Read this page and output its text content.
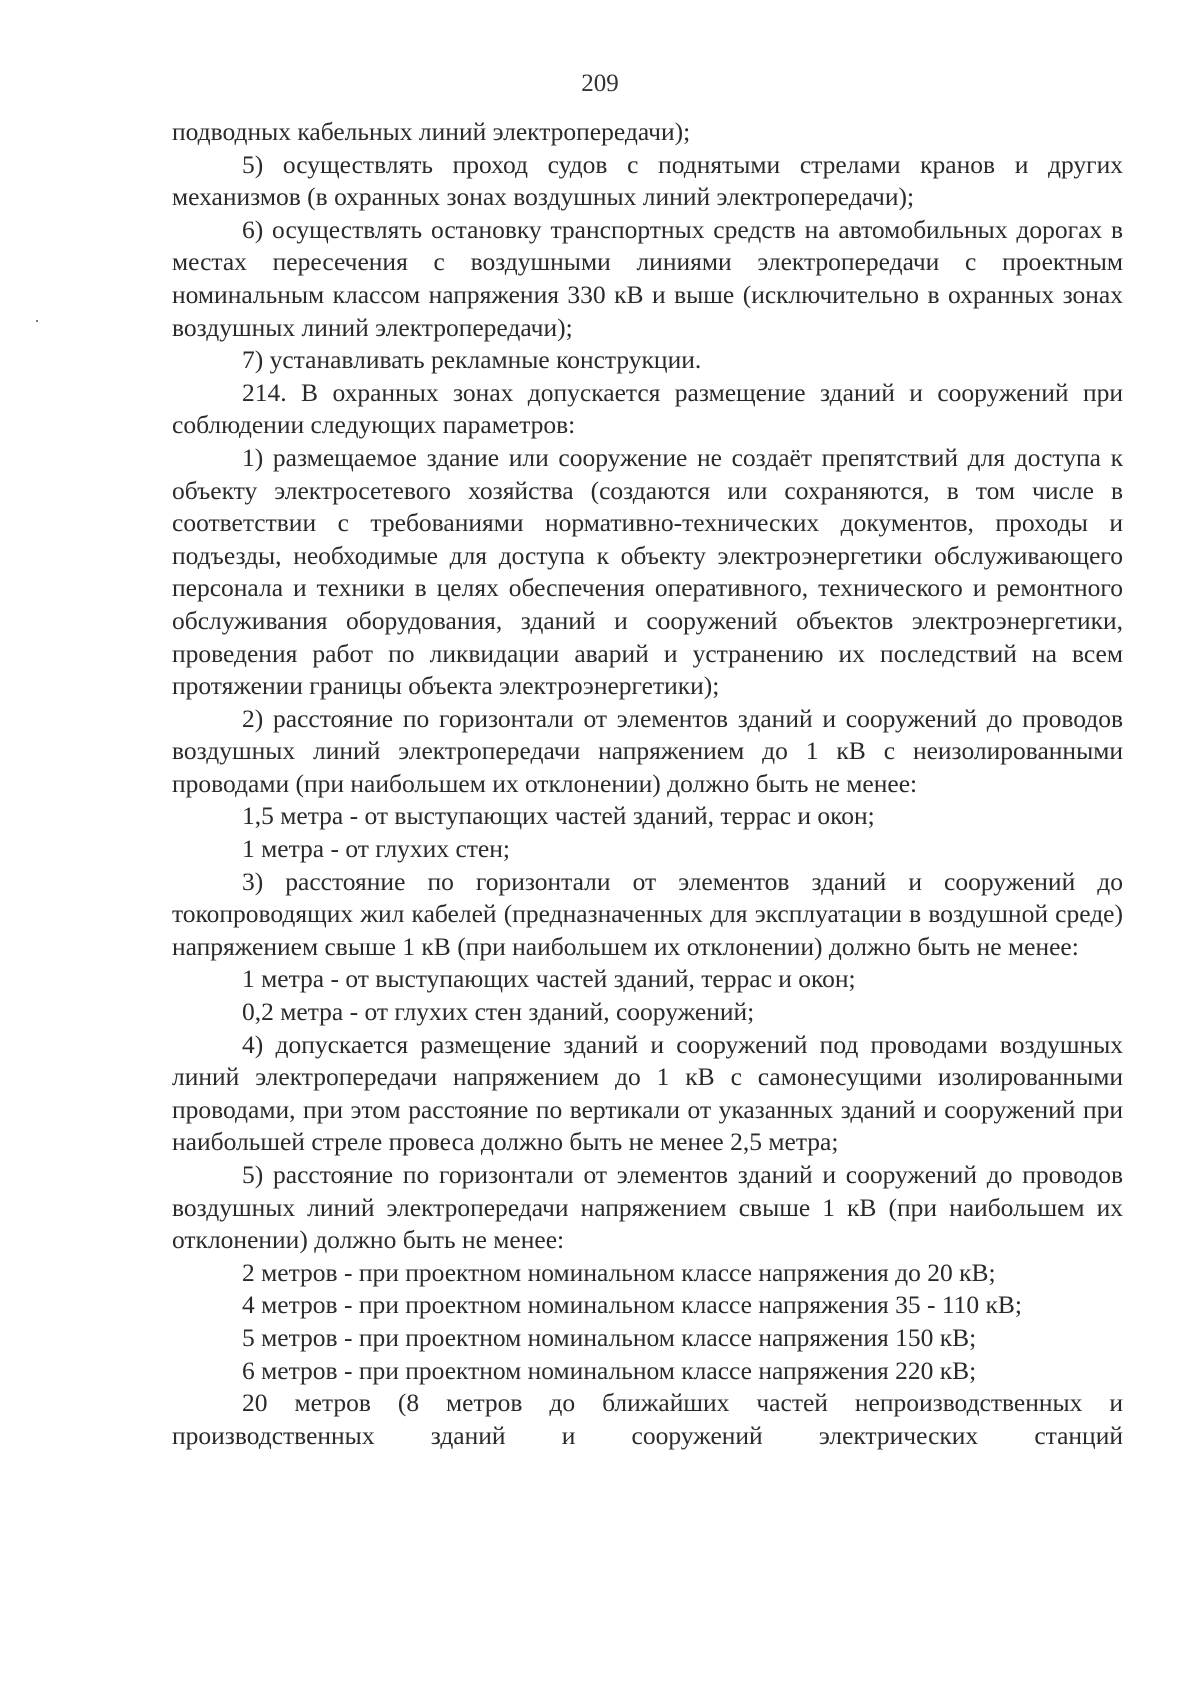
209

подводных кабельных линий электропередачи);

5) осуществлять проход судов с поднятыми стрелами кранов и других механизмов (в охранных зонах воздушных линий электропередачи);

6) осуществлять остановку транспортных средств на автомобильных дорогах в местах пересечения с воздушными линиями электропередачи с проектным номинальным классом напряжения 330 кВ и выше (исключительно в охранных зонах воздушных линий электропередачи);

7) устанавливать рекламные конструкции.

214. В охранных зонах допускается размещение зданий и сооружений при соблюдении следующих параметров:

1) размещаемое здание или сооружение не создаёт препятствий для доступа к объекту электросетевого хозяйства (создаются или сохраняются, в том числе в соответствии с требованиями нормативно-технических документов, проходы и подъезды, необходимые для доступа к объекту электроэнергетики обслуживающего персонала и техники в целях обеспечения оперативного, технического и ремонтного обслуживания оборудования, зданий и сооружений объектов электроэнергетики, проведения работ по ликвидации аварий и устранению их последствий на всем протяжении границы объекта электроэнергетики);

2) расстояние по горизонтали от элементов зданий и сооружений до проводов воздушных линий электропередачи напряжением до 1 кВ с неизолированными проводами (при наибольшем их отклонении) должно быть не менее:

1,5 метра - от выступающих частей зданий, террас и окон;

1 метра - от глухих стен;

3) расстояние по горизонтали от элементов зданий и сооружений до токопроводящих жил кабелей (предназначенных для эксплуатации в воздушной среде) напряжением свыше 1 кВ (при наибольшем их отклонении) должно быть не менее:

1 метра - от выступающих частей зданий, террас и окон;

0,2 метра - от глухих стен зданий, сооружений;

4) допускается размещение зданий и сооружений под проводами воздушных линий электропередачи напряжением до 1 кВ с самонесущими изолированными проводами, при этом расстояние по вертикали от указанных зданий и сооружений при наибольшей стреле провеса должно быть не менее 2,5 метра;

5) расстояние по горизонтали от элементов зданий и сооружений до проводов воздушных линий электропередачи напряжением свыше 1 кВ (при наибольшем их отклонении) должно быть не менее:

2 метров - при проектном номинальном классе напряжения до 20 кВ;

4 метров - при проектном номинальном классе напряжения 35 - 110 кВ;

5 метров - при проектном номинальном классе напряжения 150 кВ;

6 метров - при проектном номинальном классе напряжения 220 кВ;

20 метров (8 метров до ближайших частей непроизводственных и производственных зданий и сооружений электрических станций
